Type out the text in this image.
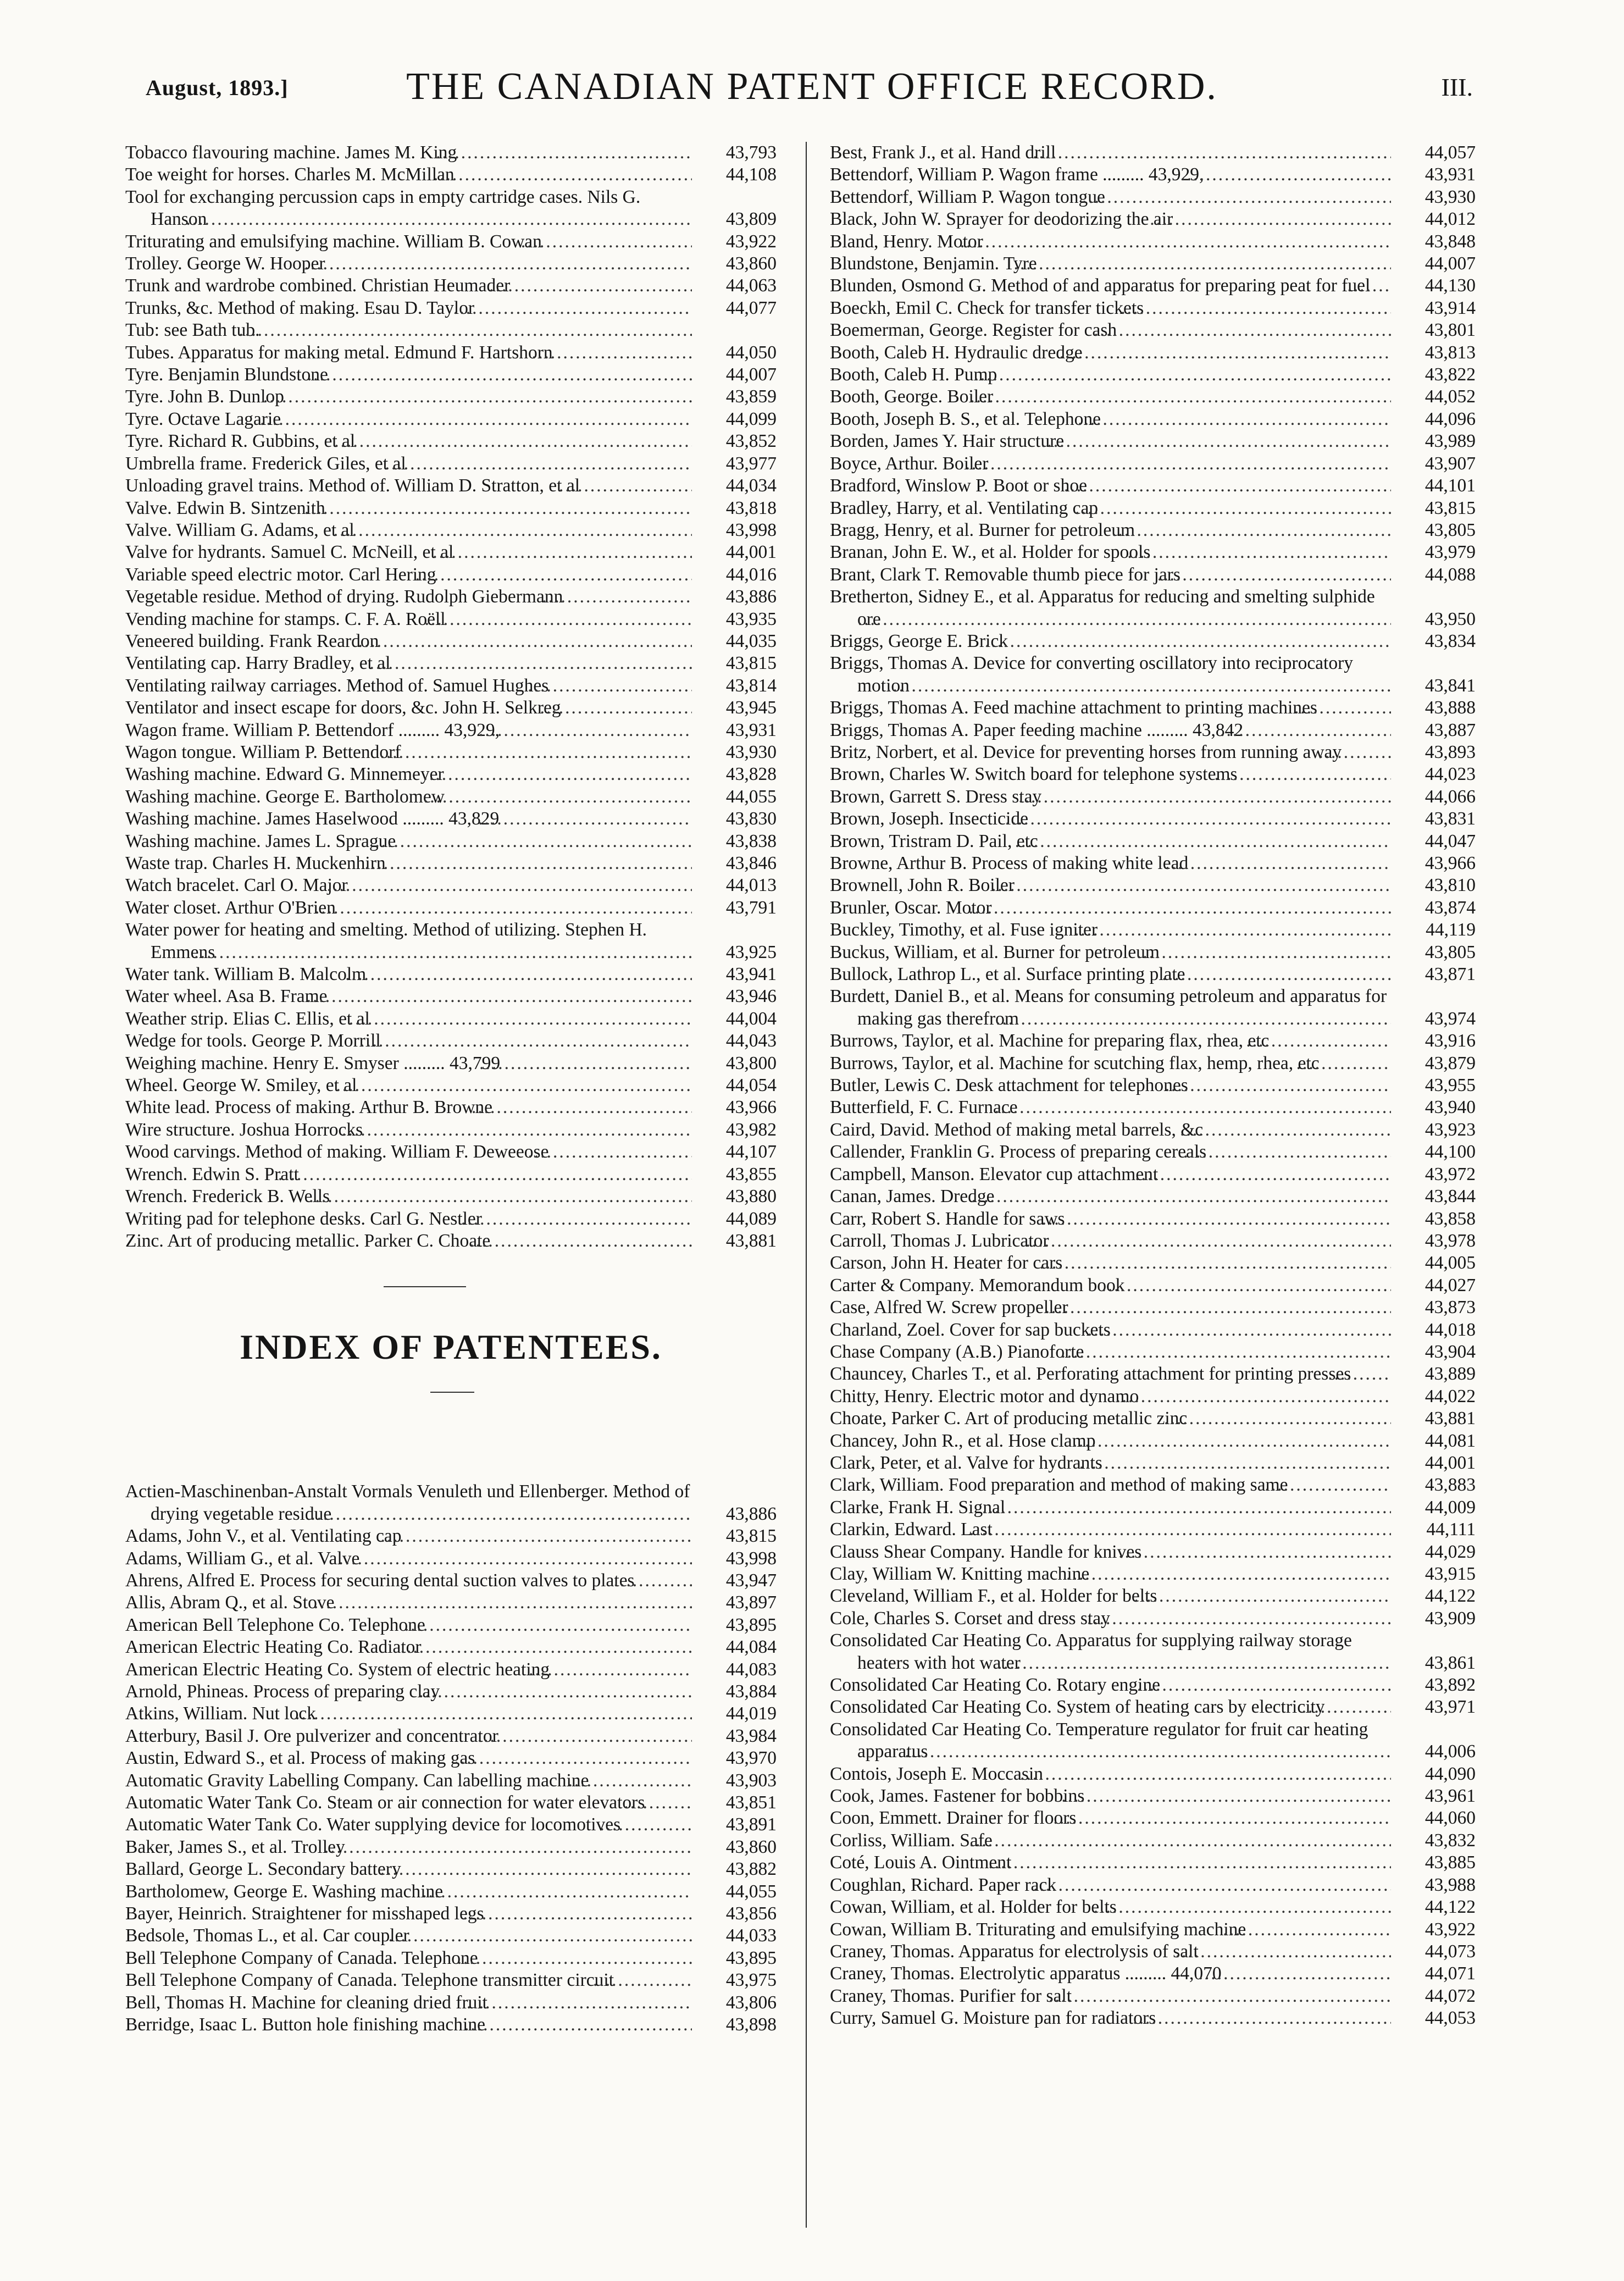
August, 1893.]	THE CANADIAN PATENT OFFICE RECORD.	III.
Tobacco flavouring machine. James M. King .....	43,793
Toe weight for horses. Charles M. McMillan .....	44,108
Tool for exchanging percussion caps in empty cartridge cases. Nils G. Hanson .....	43,809
Triturating and emulsifying machine. William B. Cowan .....	43,922
Trolley. George W. Hooper .....	43,860
Trunk and wardrobe combined. Christian Heumader .....	44,063
Trunks, &c. Method of making. Esau D. Taylor .....	44,077
Tub: see Bath tub. .....
Tubes. Apparatus for making metal. Edmund F. Hartshorn .....	44,050
Tyre. Benjamin Blundstone .....	44,007
Tyre. John B. Dunlop .....	43,859
Tyre. Octave Lagarie .....	44,099
Tyre. Richard R. Gubbins, et al .....	43,852
Umbrella frame. Frederick Giles, et al .....	43,977
Unloading gravel trains. Method of. William D. Stratton, et al .....	44,034
Valve. Edwin B. Sintzenith .....	43,818
Valve. William G. Adams, et al .....	43,998
Valve for hydrants. Samuel C. McNeill, et al .....	44,001
Variable speed electric motor. Carl Hering .....	44,016
Vegetable residue. Method of drying. Rudolph Giebermann .....	43,886
Vending machine for stamps. C. F. A. Roëll .....	43,935
Veneered building. Frank Reardon .....	44,035
Ventilating cap. Harry Bradley, et al .....	43,815
Ventilating railway carriages. Method of. Samuel Hughes .....	43,814
Ventilator and insect escape for doors, &c. John H. Selkreg .....	43,945
Wagon frame. William P. Bettendorf ......... 43,929, .....	43,931
Wagon tongue. William P. Bettendorf .....	43,930
Washing machine. Edward G. Minnemeyer .....	43,828
Washing machine. George E. Bartholomew .....	44,055
Washing machine. James Haselwood ......... 43,829 .....	43,830
Washing machine. James L. Sprague .....	43,838
Waste trap. Charles H. Muckenhirn .....	43,846
Watch bracelet. Carl O. Major .....	44,013
Water closet. Arthur O'Brien .....	43,791
Water power for heating and smelting. Method of utilizing. Stephen H. Emmens .....	43,925
Water tank. William B. Malcolm .....	43,941
Water wheel. Asa B. Frame .....	43,946
Weather strip. Elias C. Ellis, et al .....	44,004
Wedge for tools. George P. Morrill .....	44,043
Weighing machine. Henry E. Smyser ......... 43,799 .....	43,800
Wheel. George W. Smiley, et al .....	44,054
White lead. Process of making. Arthur B. Browne .....	43,966
Wire structure. Joshua Horrocks .....	43,982
Wood carvings. Method of making. William F. Deweeose .....	44,107
Wrench. Edwin S. Pratt .....	43,855
Wrench. Frederick B. Wells .....	43,880
Writing pad for telephone desks. Carl G. Nestler .....	44,089
Zinc. Art of producing metallic. Parker C. Choate .....	43,881
INDEX OF PATENTEES.
Actien-Maschinenban-Anstalt Vormals Venuleth und Ellenberger. Method of drying vegetable residue .....	43,886
Adams, John V., et al. Ventilating cap .....	43,815
Adams, William G., et al. Valve .....	43,998
Ahrens, Alfred E. Process for securing dental suction valves to plates .....	43,947
Allis, Abram Q., et al. Stove .....	43,897
American Bell Telephone Co. Telephone .....	43,895
American Electric Heating Co. Radiator .....	44,084
American Electric Heating Co. System of electric heating .....	44,083
Arnold, Phineas. Process of preparing clay .....	43,884
Atkins, William. Nut lock .....	44,019
Atterbury, Basil J. Ore pulverizer and concentrator .....	43,984
Austin, Edward S., et al. Process of making gas .....	43,970
Automatic Gravity Labelling Company. Can labelling machine .....	43,903
Automatic Water Tank Co. Steam or air connection for water elevators .....	43,851
Automatic Water Tank Co. Water supplying device for locomotives .....	43,891
Baker, James S., et al. Trolley .....	43,860
Ballard, George L. Secondary battery .....	43,882
Bartholomew, George E. Washing machine .....	44,055
Bayer, Heinrich. Straightener for misshaped legs .....	43,856
Bedsole, Thomas L., et al. Car coupler .....	44,033
Bell Telephone Company of Canada. Telephone .....	43,895
Bell Telephone Company of Canada. Telephone transmitter circuit .....	43,975
Bell, Thomas H. Machine for cleaning dried fruit .....	43,806
Berridge, Isaac L. Button hole finishing machine .....	43,898
Best, Frank J., et al. Hand drill .....	44,057
Bettendorf, William P. Wagon frame ......... 43,929, .....	43,931
Bettendorf, William P. Wagon tongue .....	43,930
Black, John W. Sprayer for deodorizing the air .....	44,012
Bland, Henry. Motor .....	43,848
Blundstone, Benjamin. Tyre .....	44,007
Blunden, Osmond G. Method of and apparatus for preparing peat for fuel .....	44,130
Boeckh, Emil C. Check for transfer tickets .....	43,914
Boemerman, George. Register for cash .....	43,801
Booth, Caleb H. Hydraulic dredge .....	43,813
Booth, Caleb H. Pump .....	43,822
Booth, George. Boiler .....	44,052
Booth, Joseph B. S., et al. Telephone .....	44,096
Borden, James Y. Hair structure .....	43,989
Boyce, Arthur. Boiler .....	43,907
Bradford, Winslow P. Boot or shoe .....	44,101
Bradley, Harry, et al. Ventilating cap .....	43,815
Bragg, Henry, et al. Burner for petroleum .....	43,805
Branan, John E. W., et al. Holder for spools .....	43,979
Brant, Clark T. Removable thumb piece for jars .....	44,088
Bretherton, Sidney E., et al. Apparatus for reducing and smelting sulphide ore .....	43,950
Briggs, George E. Brick .....	43,834
Briggs, Thomas A. Device for converting oscillatory into reciprocatory motion .....	43,841
Briggs, Thomas A. Feed machine attachment to printing machines .....	43,888
Briggs, Thomas A. Paper feeding machine ......... 43,842 .....	43,887
Britz, Norbert, et al. Device for preventing horses from running away .....	43,893
Brown, Charles W. Switch board for telephone systems .....	44,023
Brown, Garrett S. Dress stay .....	44,066
Brown, Joseph. Insecticide .....	43,831
Brown, Tristram D. Pail, etc .....	44,047
Browne, Arthur B. Process of making white lead .....	43,966
Brownell, John R. Boiler .....	43,810
Brunler, Oscar. Motor .....	43,874
Buckley, Timothy, et al. Fuse igniter .....	44,119
Buckus, William, et al. Burner for petroleum .....	43,805
Bullock, Lathrop L., et al. Surface printing plate .....	43,871
Burdett, Daniel B., et al. Means for consuming petroleum and apparatus for making gas therefrom .....	43,974
Burrows, Taylor, et al. Machine for preparing flax, rhea, etc .....	43,916
Burrows, Taylor, et al. Machine for scutching flax, hemp, rhea, etc .....	43,879
Butler, Lewis C. Desk attachment for telephones .....	43,955
Butterfield, F. C. Furnace .....	43,940
Caird, David. Method of making metal barrels, &c .....	43,923
Callender, Franklin G. Process of preparing cereals .....	44,100
Campbell, Manson. Elevator cup attachment .....	43,972
Canan, James. Dredge .....	43,844
Carr, Robert S. Handle for saws .....	43,858
Carroll, Thomas J. Lubricator .....	43,978
Carson, John H. Heater for cars .....	44,005
Carter & Company. Memorandum book .....	44,027
Case, Alfred W. Screw propeller .....	43,873
Charland, Zoel. Cover for sap buckets .....	44,018
Chase Company (A.B.) Pianoforte .....	43,904
Chauncey, Charles T., et al. Perforating attachment for printing presses .....	43,889
Chitty, Henry. Electric motor and dynamo .....	44,022
Choate, Parker C. Art of producing metallic zinc .....	43,881
Chancey, John R., et al. Hose clamp .....	44,081
Clark, Peter, et al. Valve for hydrants .....	44,001
Clark, William. Food preparation and method of making same .....	43,883
Clarke, Frank H. Signal .....	44,009
Clarkin, Edward. Last .....	44,111
Clauss Shear Company. Handle for knives .....	44,029
Clay, William W. Knitting machine .....	43,915
Cleveland, William F., et al. Holder for belts .....	44,122
Cole, Charles S. Corset and dress stay .....	43,909
Consolidated Car Heating Co. Apparatus for supplying railway storage heaters with hot water .....	43,861
Consolidated Car Heating Co. Rotary engine .....	43,892
Consolidated Car Heating Co. System of heating cars by electricity .....	43,971
Consolidated Car Heating Co. Temperature regulator for fruit car heating apparatus .....	44,006
Contois, Joseph E. Moccasin .....	44,090
Cook, James. Fastener for bobbins .....	43,961
Coon, Emmett. Drainer for floors .....	44,060
Corliss, William. Safe .....	43,832
Coté, Louis A. Ointment .....	43,885
Coughlan, Richard. Paper rack .....	43,988
Cowan, William, et al. Holder for belts .....	44,122
Cowan, William B. Triturating and emulsifying machine .....	43,922
Craney, Thomas. Apparatus for electrolysis of salt .....	44,073
Craney, Thomas. Electrolytic apparatus ......... 44,070 .....	44,071
Craney, Thomas. Purifier for salt .....	44,072
Curry, Samuel G. Moisture pan for radiators .....	44,053
